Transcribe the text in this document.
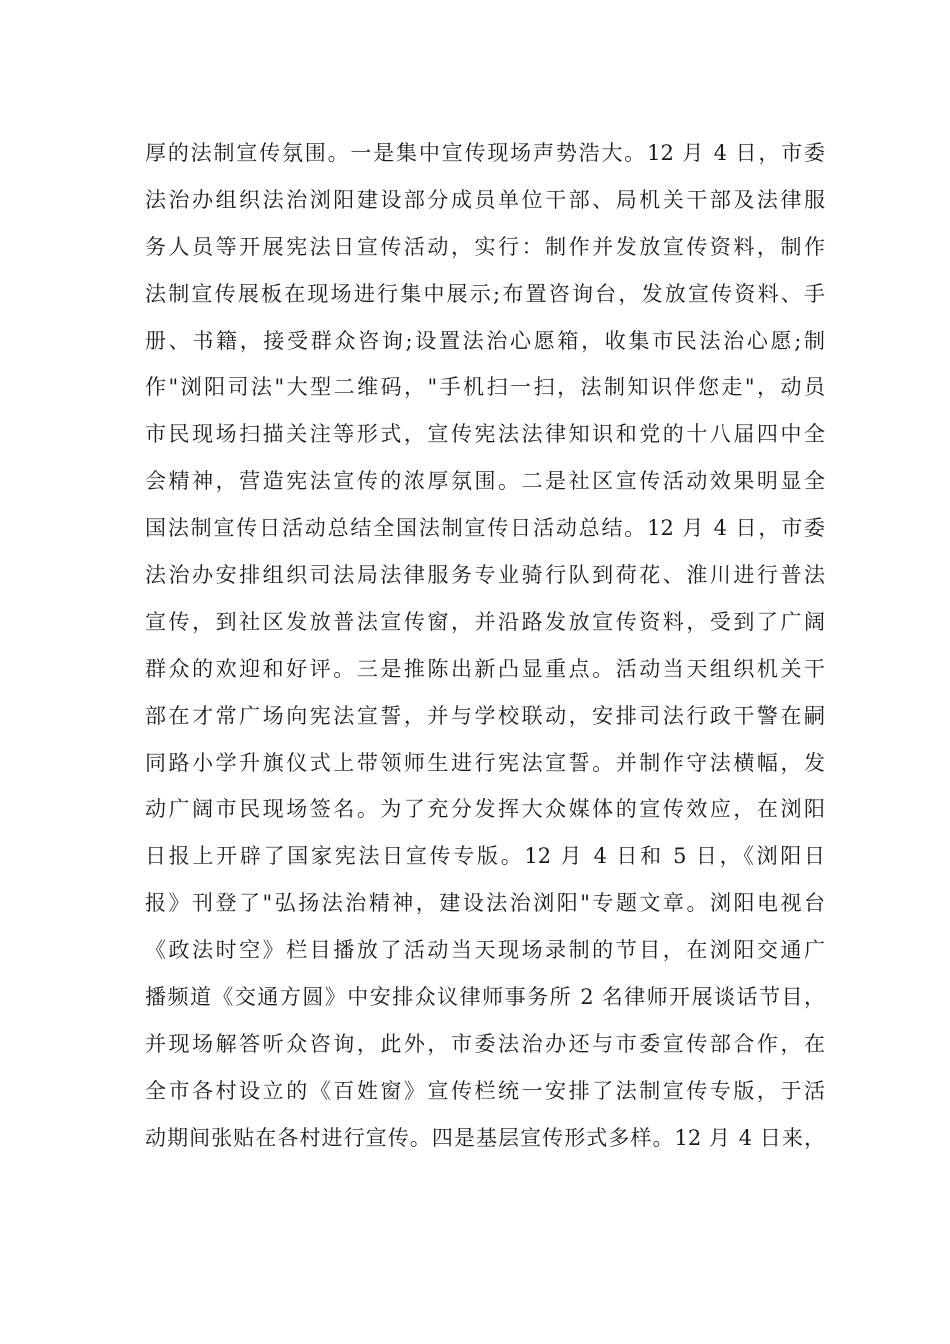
厚的法制宣传氛围。一是集中宣传现场声势浩大。12 月 4 日，市委
法治办组织法治浏阳建设部分成员单位干部、局机关干部及法律服
务人员等开展宪法日宣传活动，实行：制作并发放宣传资料，制作
法制宣传展板在现场进行集中展示;布置咨询台，发放宣传资料、手
册、书籍，接受群众咨询;设置法治心愿箱，收集市民法治心愿;制
作"浏阳司法"大型二维码，"手机扫一扫，法制知识伴您走"，动员
市民现场扫描关注等形式，宣传宪法法律知识和党的十八届四中全
会精神，营造宪法宣传的浓厚氛围。二是社区宣传活动效果明显全
国法制宣传日活动总结全国法制宣传日活动总结。12 月 4 日，市委
法治办安排组织司法局法律服务专业骑行队到荷花、淮川进行普法
宣传，到社区发放普法宣传窗，并沿路发放宣传资料，受到了广阔
群众的欢迎和好评。三是推陈出新凸显重点。活动当天组织机关干
部在才常广场向宪法宣誓，并与学校联动，安排司法行政干警在嗣
同路小学升旗仪式上带领师生进行宪法宣誓。并制作守法横幅，发
动广阔市民现场签名。为了充分发挥大众媒体的宣传效应，在浏阳
日报上开辟了国家宪法日宣传专版。12 月 4 日和 5 日，《浏阳日
报》刊登了"弘扬法治精神，建设法治浏阳"专题文章。浏阳电视台
《政法时空》栏目播放了活动当天现场录制的节目，在浏阳交通广
播频道《交通方圆》中安排众议律师事务所 2 名律师开展谈话节目，
并现场解答听众咨询，此外，市委法治办还与市委宣传部合作，在
全市各村设立的《百姓窗》宣传栏统一安排了法制宣传专版，于活
动期间张贴在各村进行宣传。四是基层宣传形式多样。12 月 4 日来，
